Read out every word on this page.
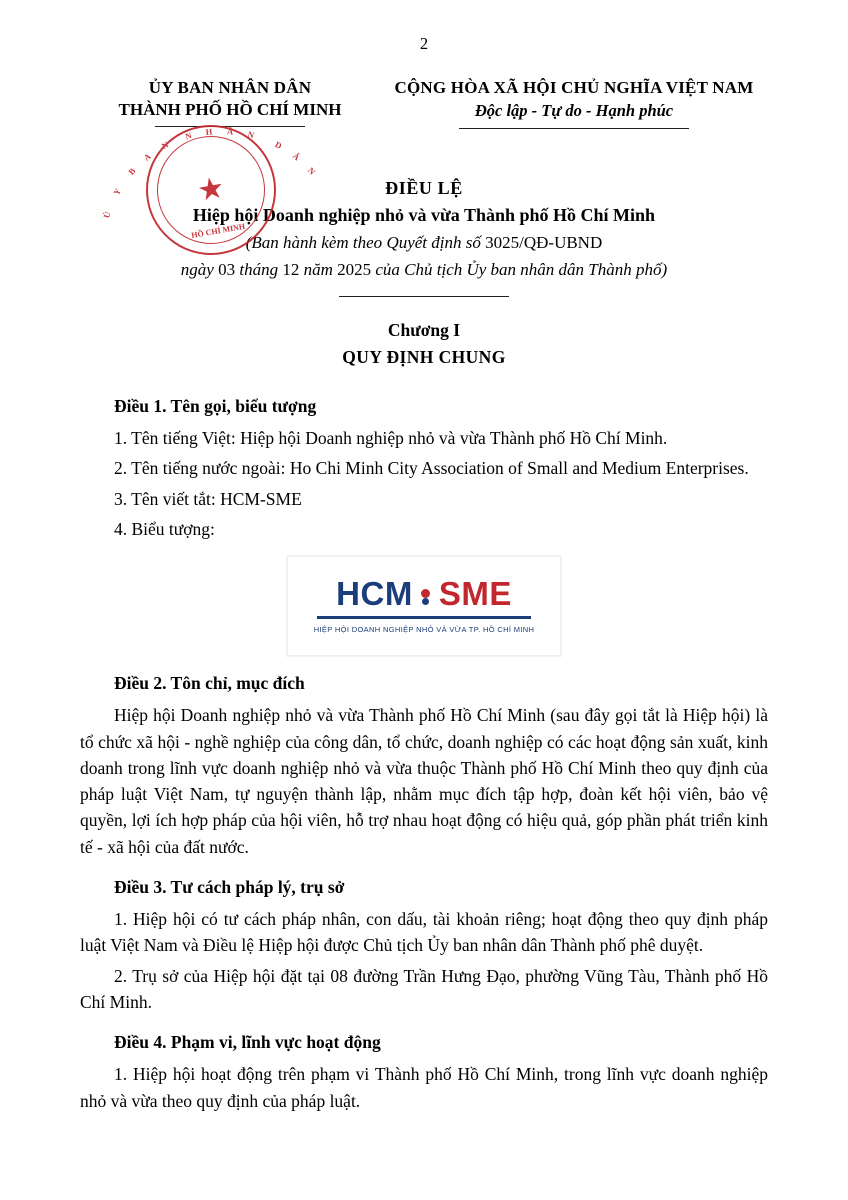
2
Ủ
Y
B
A
N
N H Â N
D
Â
N
★
HỒ CHÍ MINH
ỦY BAN NHÂN DÂN
THÀNH PHỐ HỒ CHÍ MINH
CỘNG HÒA XÃ HỘI CHỦ NGHĨA VIỆT NAM
Độc lập - Tự do - Hạnh phúc
ĐIỀU LỆ
Hiệp hội Doanh nghiệp nhỏ và vừa Thành phố Hồ Chí Minh
(Ban hành kèm theo Quyết định số 3025/QĐ-UBND
ngày 03 tháng 12 năm 2025 của Chủ tịch Ủy ban nhân dân Thành phố)
Chương I
QUY ĐỊNH CHUNG
Điều 1. Tên gọi, biểu tượng

1. Tên tiếng Việt: Hiệp hội Doanh nghiệp nhỏ và vừa Thành phố Hồ Chí Minh.

2. Tên tiếng nước ngoài: Ho Chi Minh City Association of Small and Medium Enterprises.

3. Tên viết tắt: HCM-SME

4. Biểu tượng:

HCM SME
HIỆP HỘI DOANH NGHIỆP NHỎ VÀ VỪA TP. HỒ CHÍ MINH
Điều 2. Tôn chỉ, mục đích

Hiệp hội Doanh nghiệp nhỏ và vừa Thành phố Hồ Chí Minh (sau đây gọi tắt là Hiệp hội) là tổ chức xã hội - nghề nghiệp của công dân, tổ chức, doanh nghiệp có các hoạt động sản xuất, kinh doanh trong lĩnh vực doanh nghiệp nhỏ và vừa thuộc Thành phố Hồ Chí Minh theo quy định của pháp luật Việt Nam, tự nguyện thành lập, nhằm mục đích tập hợp, đoàn kết hội viên, bảo vệ quyền, lợi ích hợp pháp của hội viên, hỗ trợ nhau hoạt động có hiệu quả, góp phần phát triển kinh tế - xã hội của đất nước.

Điều 3. Tư cách pháp lý, trụ sở

1. Hiệp hội có tư cách pháp nhân, con dấu, tài khoản riêng; hoạt động theo quy định pháp luật Việt Nam và Điều lệ Hiệp hội được Chủ tịch Ủy ban nhân dân Thành phố phê duyệt.

2. Trụ sở của Hiệp hội đặt tại 08 đường Trần Hưng Đạo, phường Vũng Tàu, Thành phố Hồ Chí Minh.

Điều 4. Phạm vi, lĩnh vực hoạt động

1. Hiệp hội hoạt động trên phạm vi Thành phố Hồ Chí Minh, trong lĩnh vực doanh nghiệp nhỏ và vừa theo quy định của pháp luật.
